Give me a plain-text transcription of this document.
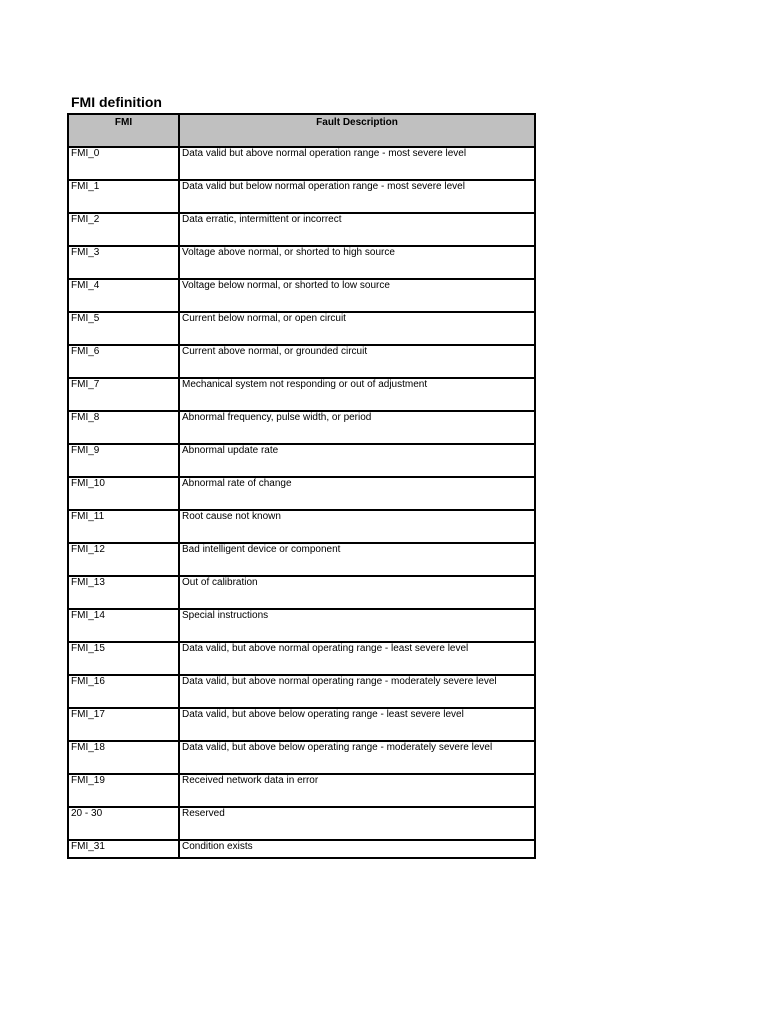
FMI definition
FMI	Fault Description
FMI_0	Data valid but above normal operation range - most severe level
FMI_1	Data valid but below normal operation range - most severe level
FMI_2	Data erratic, intermittent or incorrect
FMI_3	Voltage above normal, or shorted to high source
FMI_4	Voltage below normal, or shorted to low source
FMI_5	Current below normal, or open circuit
FMI_6	Current above normal, or grounded circuit
FMI_7	Mechanical system not responding or out of adjustment
FMI_8	Abnormal frequency, pulse width, or period
FMI_9	Abnormal update rate
FMI_10	Abnormal rate of change
FMI_11	Root cause not known
FMI_12	Bad intelligent device or component
FMI_13	Out of calibration
FMI_14	Special instructions
FMI_15	Data valid, but above normal operating range - least severe level
FMI_16	Data valid, but above normal operating range - moderately severe level
FMI_17	Data valid, but above below operating range - least severe level
FMI_18	Data valid, but above below operating range - moderately severe level
FMI_19	Received network data in error
20 - 30	Reserved
FMI_31	Condition exists
